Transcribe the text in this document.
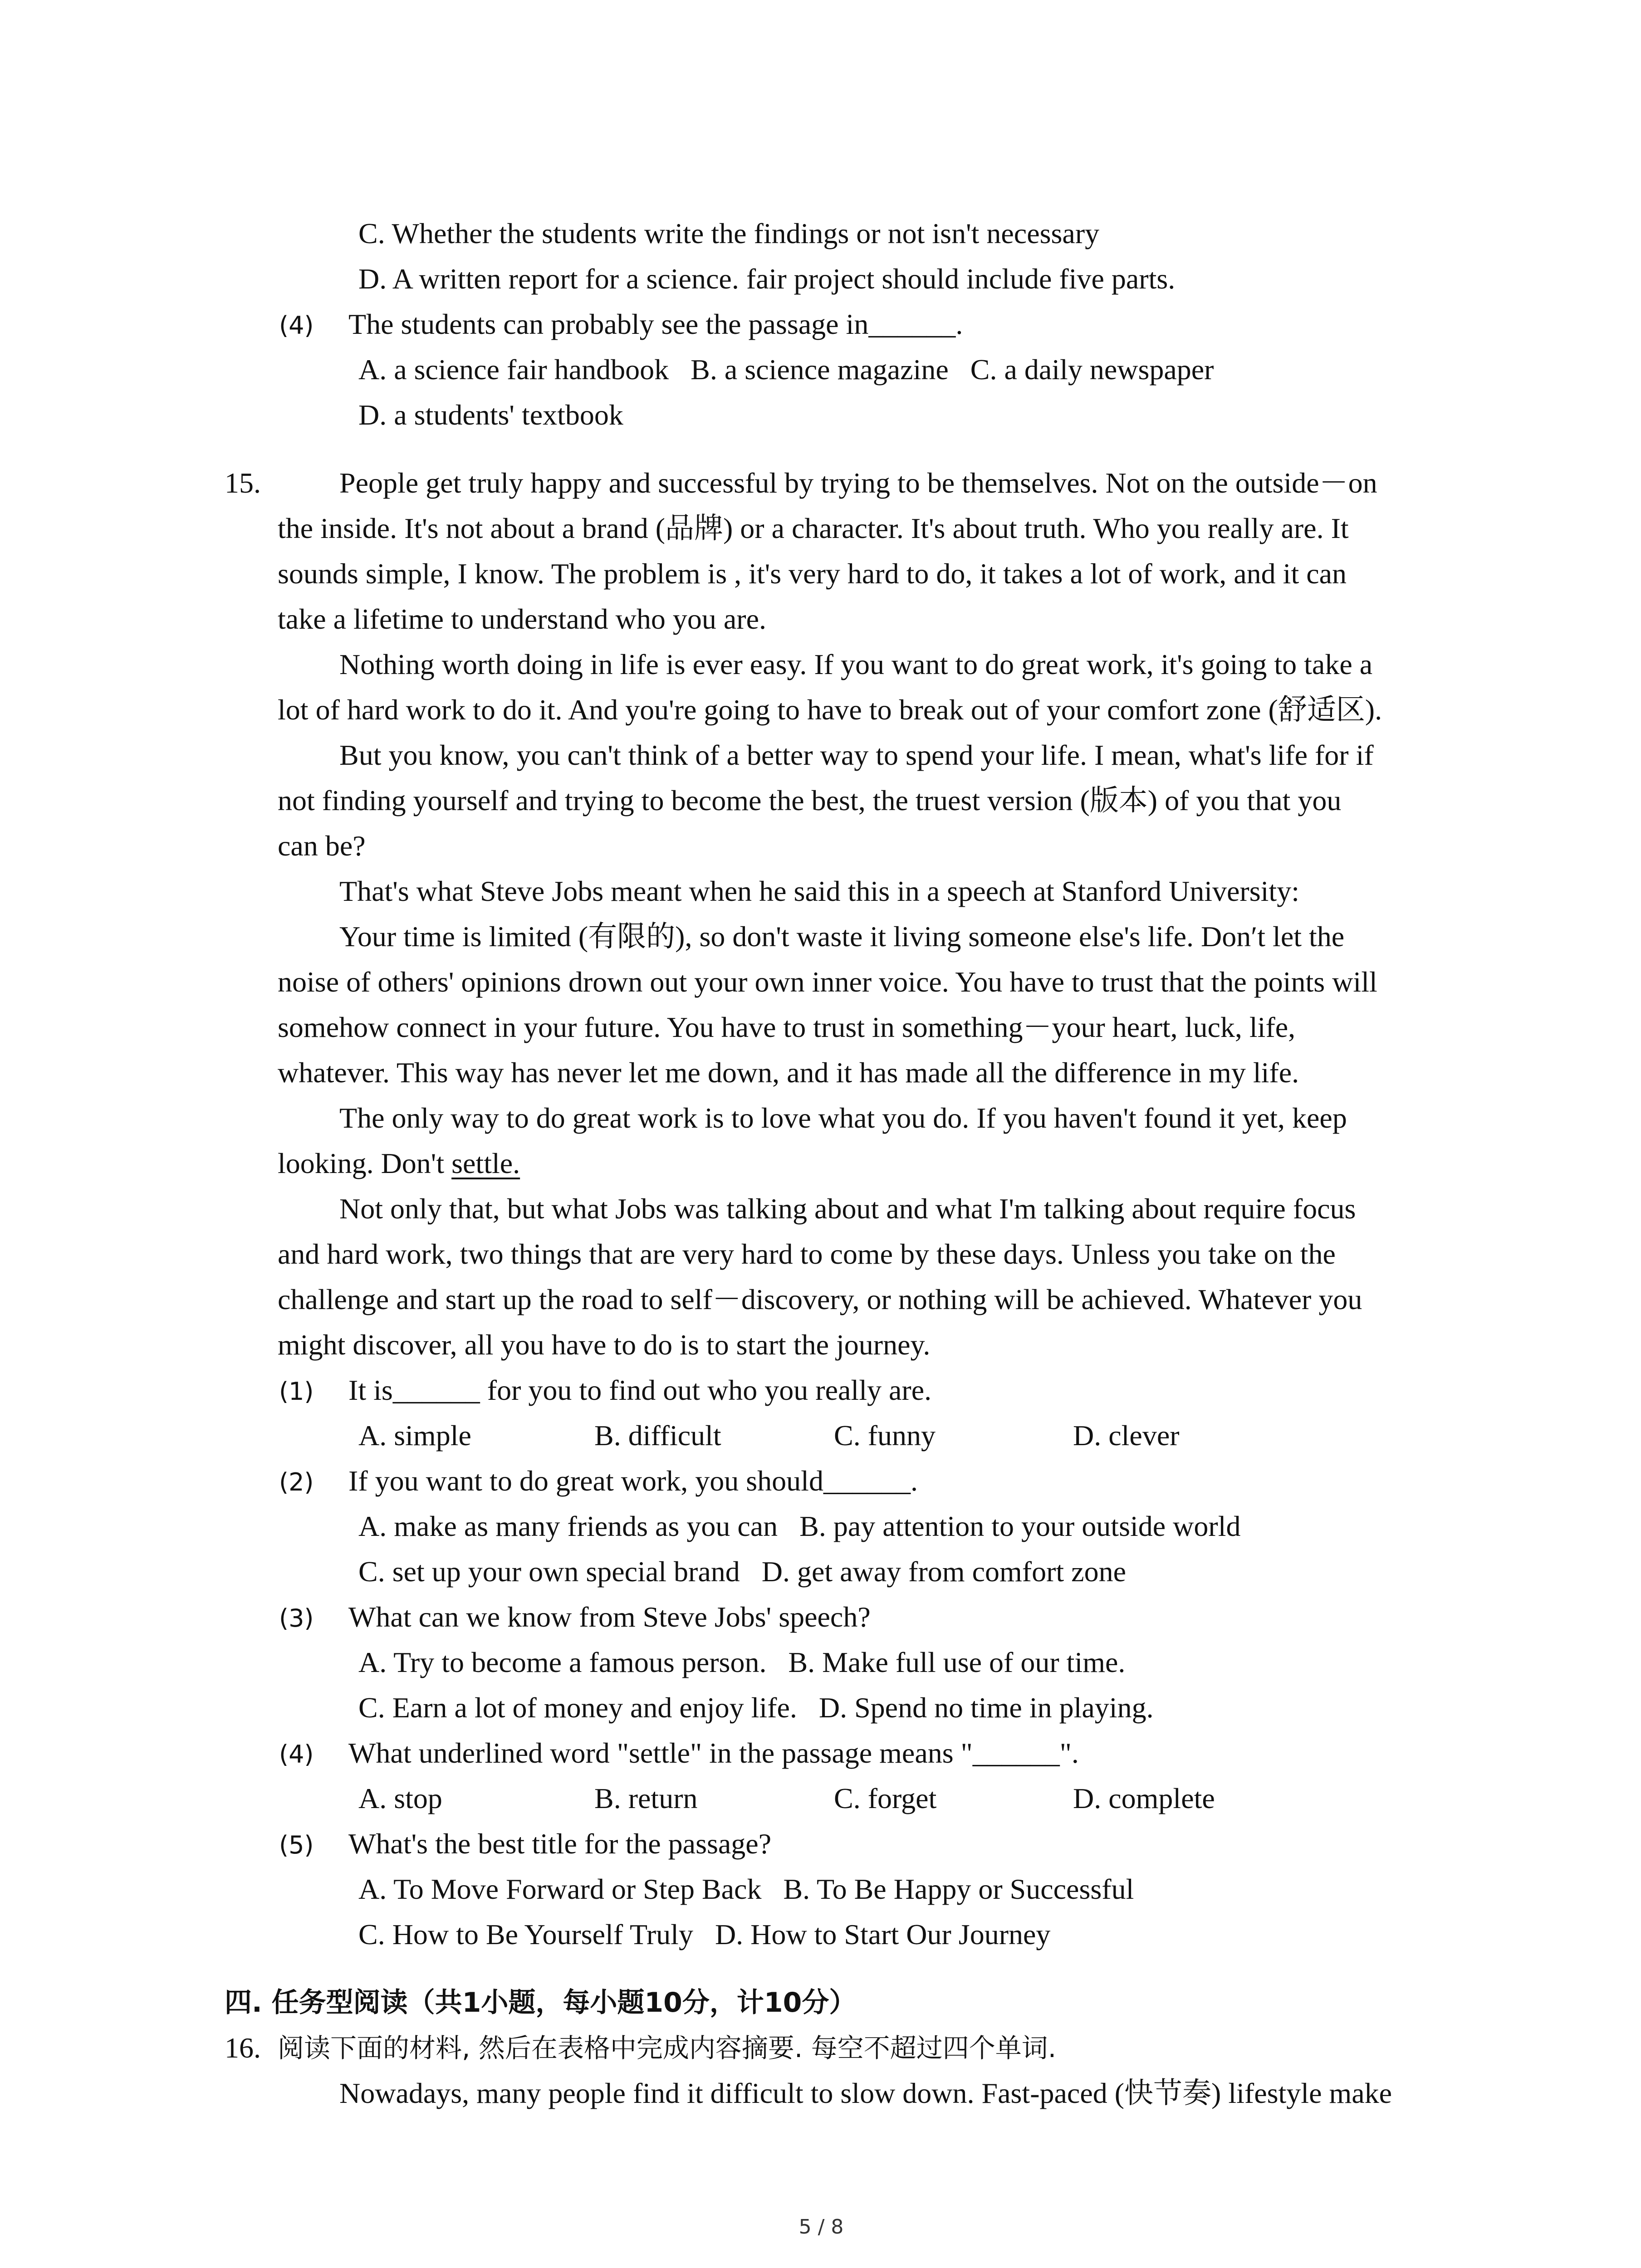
C. Whether the students write the findings or not isn't necessary
D. A written report for a science. fair project should include five parts.
(4) The students can probably see the passage in______.
A. a science fair handbook   B. a science magazine   C. a daily newspaper
D. a students' textbook
15.	People get truly happy and successful by trying to be themselves. Not on the outside－on
the inside. It's not about a brand (品牌) or a character. It's about truth. Who you really are. It
sounds simple, I know. The problem is , it's very hard to do, it takes a lot of work, and it can
take a lifetime to understand who you are.
Nothing worth doing in life is ever easy. If you want to do great work, it's going to take a
lot of hard work to do it. And you're going to have to break out of your comfort zone (舒适区).
But you know, you can't think of a better way to spend your life. I mean, what's life for if
not finding yourself and trying to become the best, the truest version (版本) of you that you
can be?
That's what Steve Jobs meant when he said this in a speech at Stanford University:
Your time is limited (有限的), so don't waste it living someone else's life. Don′t let the
noise of others' opinions drown out your own inner voice. You have to trust that the points will
somehow connect in your future. You have to trust in something－your heart, luck, life,
whatever. This way has never let me down, and it has made all the difference in my life.
The only way to do great work is to love what you do. If you haven't found it yet, keep
looking. Don't settle.
Not only that, but what Jobs was talking about and what I'm talking about require focus
and hard work, two things that are very hard to come by these days. Unless you take on the
challenge and start up the road to self－discovery, or nothing will be achieved. Whatever you
might discover, all you have to do is to start the journey.
(1) It is______ for you to find out who you really are.
A. simple	B. difficult	C. funny	D. clever
(2) If you want to do great work, you should______.
A. make as many friends as you can   B. pay attention to your outside world
C. set up your own special brand   D. get away from comfort zone
(3) What can we know from Steve Jobs' speech?
A. Try to become a famous person.   B. Make full use of our time.
C. Earn a lot of money and enjoy life.   D. Spend no time in playing.
(4) What underlined word "settle" in the passage means "______".
A. stop	B. return	C. forget	D. complete
(5) What's the best title for the passage?
A. To Move Forward or Step Back   B. To Be Happy or Successful
C. How to Be Yourself Truly   D. How to Start Our Journey
四. 任务型阅读（共1小题，每小题10分，计10分）
16. 阅读下面的材料, 然后在表格中完成内容摘要. 每空不超过四个单词.
Nowadays, many people find it difficult to slow down. Fast-paced (快节奏) lifestyle make
5 / 8
